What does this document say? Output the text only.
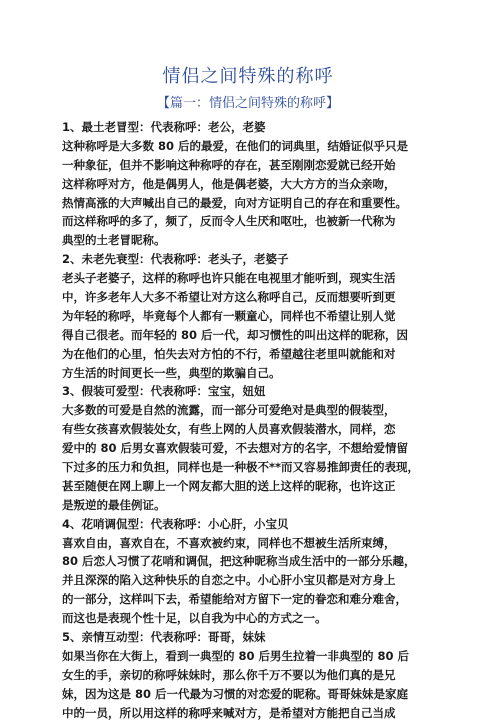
情侣之间特殊的称呼
【篇一：情侣之间特殊的称呼】
1、最土老冒型：代表称呼：老公，老婆
这种称呼是大多数 80 后的最爱，在他们的词典里，结婚证似乎只是
一种象征，但并不影响这种称呼的存在，甚至刚刚恋爱就已经开始
这样称呼对方，他是偶男人，他是偶老婆，大大方方的当众亲吻，
热情高涨的大声喊出自己的最爱，向对方证明自己的存在和重要性。
而这样称呼的多了，频了，反而令人生厌和呕吐，也被新一代称为
典型的土老冒昵称。
2、未老先衰型：代表称呼：老头子，老婆子
老头子老婆子，这样的称呼也许只能在电视里才能听到，现实生活
中，许多老年人大多不希望让对方这么称呼自己，反而想要听到更
为年轻的称呼，毕竟每个人都有一颗童心，同样也不希望让别人觉
得自己很老。而年轻的 80 后一代，却习惯性的叫出这样的昵称，因
为在他们的心里，怕失去对方怕的不行，希望越往老里叫就能和对
方生活的时间更长一些，典型的欺骗自己。
3、假装可爱型：代表称呼：宝宝，妞妞
大多数的可爱是自然的流露，而一部分可爱绝对是典型的假装型，
有些女孩喜欢假装处女，有些上网的人员喜欢假装潜水，同样，恋
爱中的 80 后男女喜欢假装可爱，不去想对方的名字，不想给爱情留
下过多的压力和负担，同样也是一种极不**而又容易推卸责任的表现，
甚至随便在网上聊上一个网友都大胆的送上这样的昵称，也许这正
是叛逆的最佳例证。
4、花哨调侃型：代表称呼：小心肝，小宝贝
喜欢自由，喜欢自在，不喜欢被约束，同样也不想被生活所束缚，
80 后恋人习惯了花哨和调侃，把这种昵称当成生活中的一部分乐趣，
并且深深的陷入这种快乐的自恋之中。小心肝小宝贝都是对方身上
的一部分，这样叫下去，希望能给对方留下一定的眷恋和难分难舍，
而这也是表现个性十足，以自我为中心的方式之一。
5、亲情互动型：代表称呼：哥哥，妹妹
如果当你在大街上，看到一典型的 80 后男生拉着一非典型的 80 后
女生的手，亲切的称呼妹妹时，那么你千万不要以为他们真的是兄
妹，因为这是 80 后一代最为习惯的对恋爱的昵称。哥哥妹妹是家庭
中的一员，所以用这样的称呼来喊对方，是希望对方能把自己当成
